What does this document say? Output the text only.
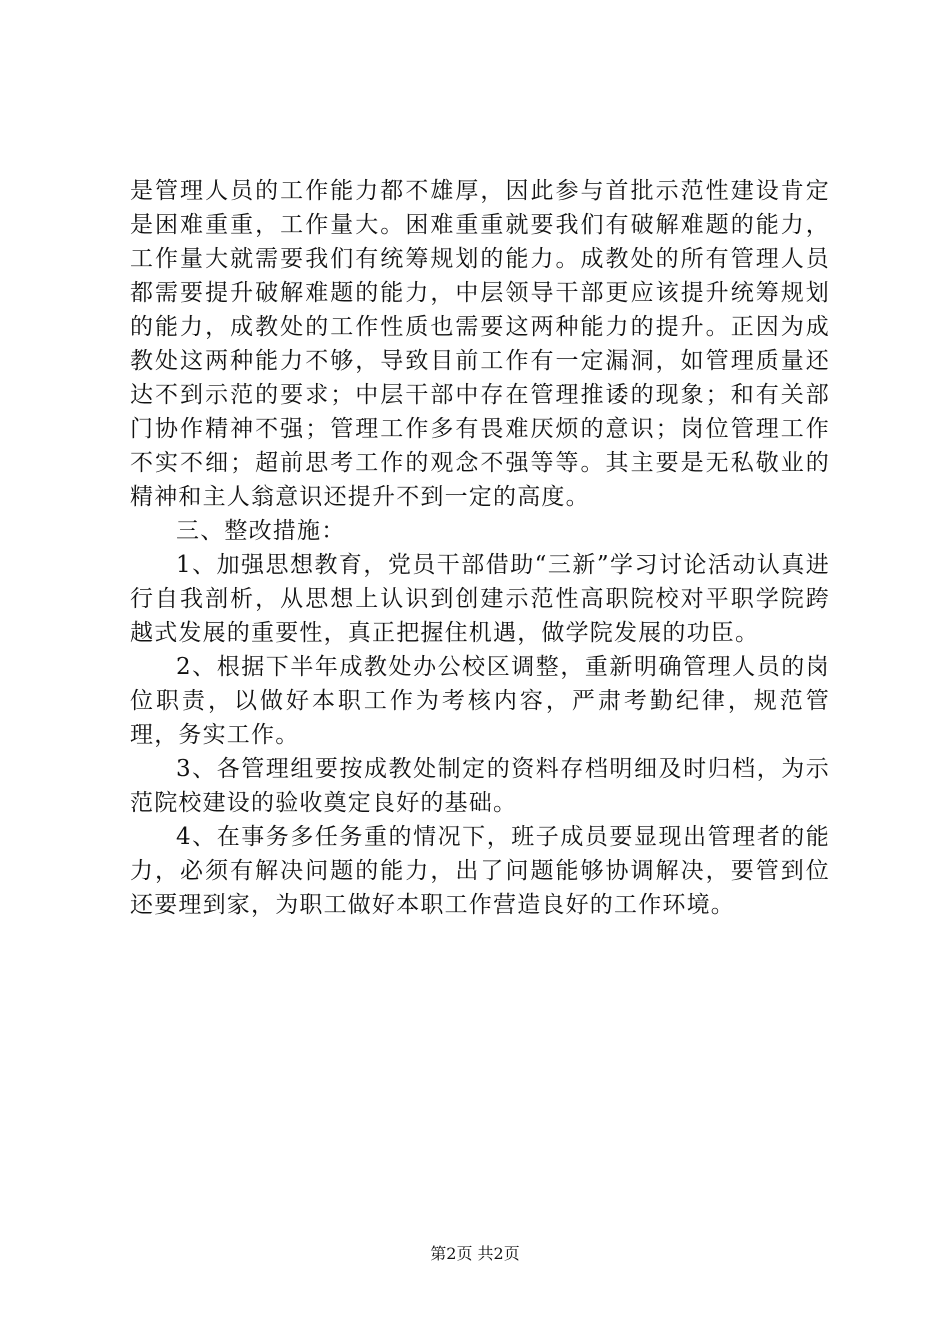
是管理人员的工作能力都不雄厚，因此参与首批示范性建设肯定是困难重重，工作量大。困难重重就要我们有破解难题的能力，工作量大就需要我们有统筹规划的能力。成教处的所有管理人员都需要提升破解难题的能力，中层领导干部更应该提升统筹规划的能力，成教处的工作性质也需要这两种能力的提升。正因为成教处这两种能力不够，导致目前工作有一定漏洞，如管理质量还达不到示范的要求；中层干部中存在管理推诿的现象；和有关部门协作精神不强；管理工作多有畏难厌烦的意识；岗位管理工作不实不细；超前思考工作的观念不强等等。其主要是无私敬业的精神和主人翁意识还提升不到一定的高度。

三、整改措施：

1、加强思想教育，党员干部借助“三新”学习讨论活动认真进行自我剖析，从思想上认识到创建示范性高职院校对平职学院跨越式发展的重要性，真正把握住机遇，做学院发展的功臣。

2、根据下半年成教处办公校区调整，重新明确管理人员的岗位职责，以做好本职工作为考核内容，严肃考勤纪律，规范管理，务实工作。

3、各管理组要按成教处制定的资料存档明细及时归档，为示范院校建设的验收奠定良好的基础。

4、在事务多任务重的情况下，班子成员要显现出管理者的能力，必须有解决问题的能力，出了问题能够协调解决，要管到位还要理到家，为职工做好本职工作营造良好的工作环境。

第2页 共2页
